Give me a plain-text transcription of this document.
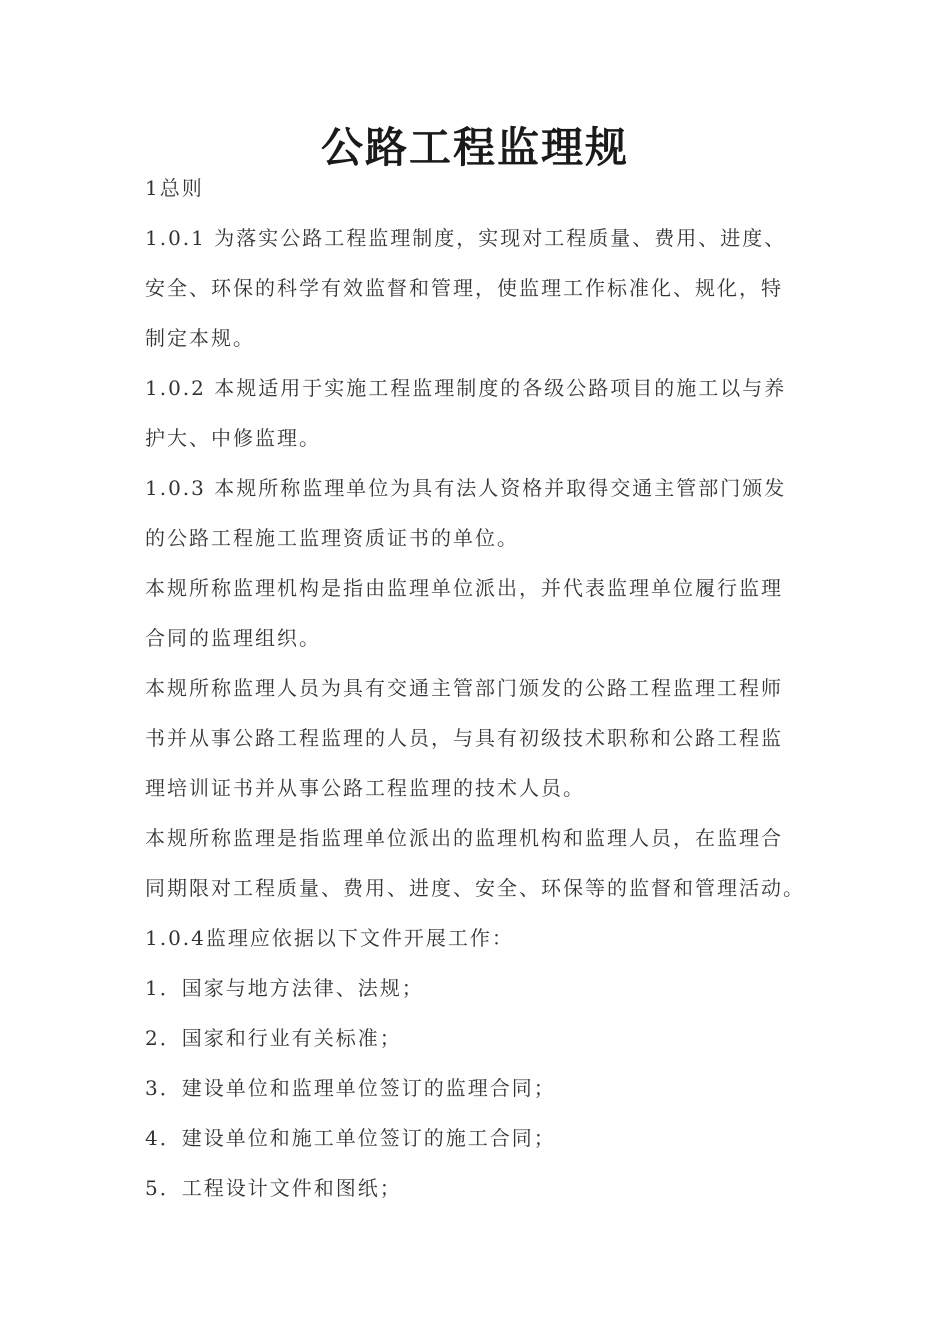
公路工程监理规
1总则
1.0.1 为落实公路工程监理制度，实现对工程质量、费用、进度、
安全、环保的科学有效监督和管理，使监理工作标准化、规化，特
制定本规。
1.0.2 本规适用于实施工程监理制度的各级公路项目的施工以与养
护大、中修监理。
1.0.3 本规所称监理单位为具有法人资格并取得交通主管部门颁发
的公路工程施工监理资质证书的单位。
本规所称监理机构是指由监理单位派出，并代表监理单位履行监理
合同的监理组织。
本规所称监理人员为具有交通主管部门颁发的公路工程监理工程师
书并从事公路工程监理的人员，与具有初级技术职称和公路工程监
理培训证书并从事公路工程监理的技术人员。
本规所称监理是指监理单位派出的监理机构和监理人员，在监理合
同期限对工程质量、费用、进度、安全、环保等的监督和管理活动。
1.0.4监理应依据以下文件开展工作：
1．国家与地方法律、法规；
2．国家和行业有关标准；
3．建设单位和监理单位签订的监理合同；
4．建设单位和施工单位签订的施工合同；
5．工程设计文件和图纸；
